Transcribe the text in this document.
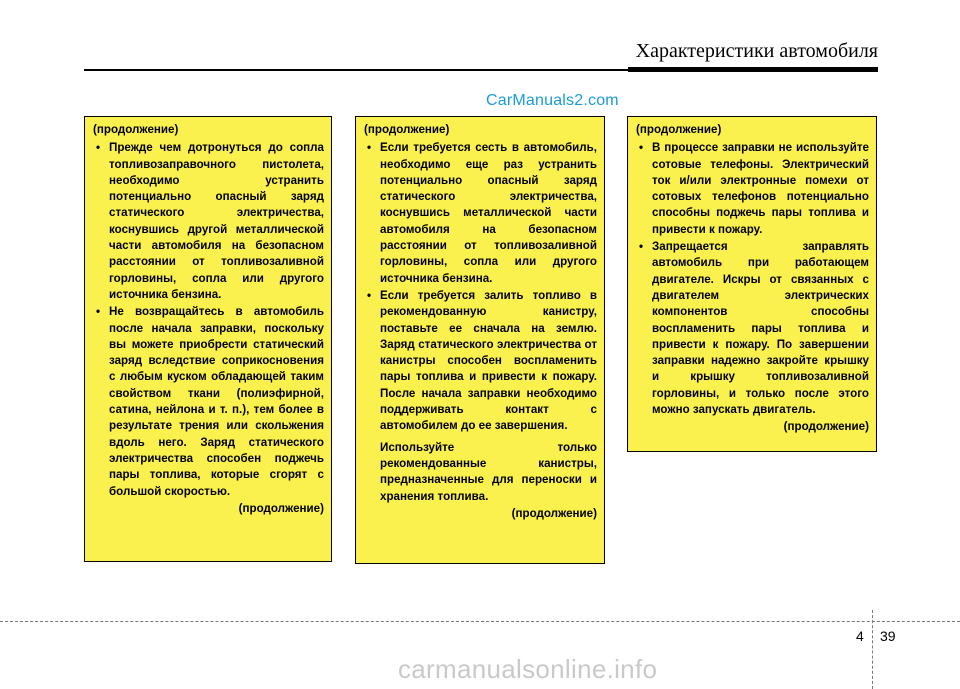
Характеристики автомобиля
CarManuals2.com
(продолжение)
• Прежде чем дотронуться до сопла топливозаправочного пистолета, необходимо устранить потенциально опасный заряд статического электричества, коснувшись другой металлической части автомобиля на безопасном расстоянии от топливозаливной горловины, сопла или другого источника бензина.
• Не возвращайтесь в автомобиль после начала заправки, поскольку вы можете приобрести статический заряд вследствие соприкосновения с любым куском обладающей таким свойством ткани (полиэфирной, сатина, нейлона и т. п.), тем более в результате трения или скольжения вдоль него. Заряд статического электричества способен поджечь пары топлива, которые сгорят с большой скоростью.
(продолжение)
(продолжение)
• Если требуется сесть в автомобиль, необходимо еще раз устранить потенциально опасный заряд статического электричества, коснувшись металлической части автомобиля на безопасном расстоянии от топливозаливной горловины, сопла или другого источника бензина.
• Если требуется залить топливо в рекомендованную канистру, поставьте ее сначала на землю. Заряд статического электричества от канистры способен воспламенить пары топлива и привести к пожару. После начала заправки необходимо поддерживать контакт с автомобилем до ее завершения.
Используйте только рекомендованные канистры, предназначенные для переноски и хранения топлива.
(продолжение)
(продолжение)
• В процессе заправки не используйте сотовые телефоны. Электрический ток и/или электронные помехи от сотовых телефонов потенциально способны поджечь пары топлива и привести к пожару.
• Запрещается заправлять автомобиль при работающем двигателе. Искры от связанных с двигателем электрических компонентов способны воспламенить пары топлива и привести к пожару. По завершении заправки надежно закройте крышку и крышку топливозаливной горловины, и только после этого можно запускать двигатель.
(продолжение)
4 39
carmanualsonline.info
